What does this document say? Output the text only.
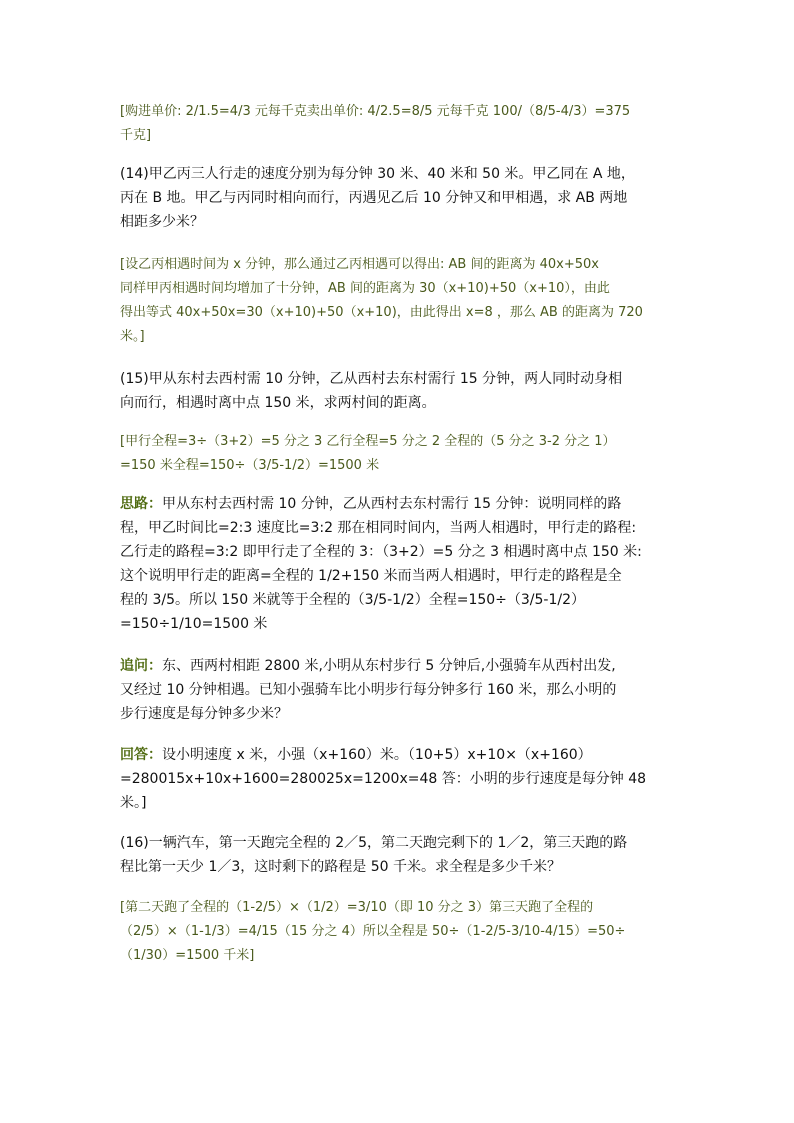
[购进单价: 2/1.5=4/3 元每千克卖出单价: 4/2.5=8/5 元每千克 100/（8/5-4/3）=375
千克]

(14)甲乙丙三人行走的速度分别为每分钟 30 米、40 米和 50 米。甲乙同在 A 地，
丙在 B 地。甲乙与丙同时相向而行，丙遇见乙后 10 分钟又和甲相遇，求 AB 两地
相距多少米？

[设乙丙相遇时间为 x 分钟，那么通过乙丙相遇可以得出: AB 间的距离为 40x+50x
同样甲丙相遇时间均增加了十分钟，AB 间的距离为 30（x+10)+50（x+10），由此
得出等式 40x+50x=30（x+10)+50（x+10)，由此得出 x=8 ，那么 AB 的距离为 720
米。]

(15)甲从东村去西村需 10 分钟，乙从西村去东村需行 15 分钟，两人同时动身相
向而行，相遇时离中点 150 米，求两村间的距离。

[甲行全程=3÷（3+2）=5 分之 3 乙行全程=5 分之 2 全程的（5 分之 3-2 分之 1）
=150 米全程=150÷（3/5-1/2）=1500 米

思路：甲从东村去西村需 10 分钟，乙从西村去东村需行 15 分钟：说明同样的路
程，甲乙时间比=2:3 速度比=3:2 那在相同时间内，当两人相遇时，甲行走的路程:
乙行走的路程=3:2 即甲行走了全程的 3：（3+2）=5 分之 3 相遇时离中点 150 米:
这个说明甲行走的距离=全程的 1/2+150 米而当两人相遇时，甲行走的路程是全
程的 3/5。所以 150 米就等于全程的（3/5-1/2）全程=150÷（3/5-1/2）
=150÷1/10=1500 米

追问：东、西两村相距 2800 米,小明从东村步行 5 分钟后,小强骑车从西村出发,
又经过 10 分钟相遇。已知小强骑车比小明步行每分钟多行 160 米，那么小明的
步行速度是每分钟多少米？

回答：设小明速度 x 米，小强（x+160）米。（10+5）x+10×（x+160）
=280015x+10x+1600=280025x=1200x=48 答：小明的步行速度是每分钟 48
米。]

(16)一辆汽车，第一天跑完全程的 2／5，第二天跑完剩下的 1／2，第三天跑的路
程比第一天少 1／3，这时剩下的路程是 50 千米。求全程是多少千米？

[第二天跑了全程的（1-2/5）×（1/2）=3/10（即 10 分之 3）第三天跑了全程的
（2/5）×（1-1/3）=4/15（15 分之 4）所以全程是 50÷（1-2/5-3/10-4/15）=50÷
（1/30）=1500 千米]
